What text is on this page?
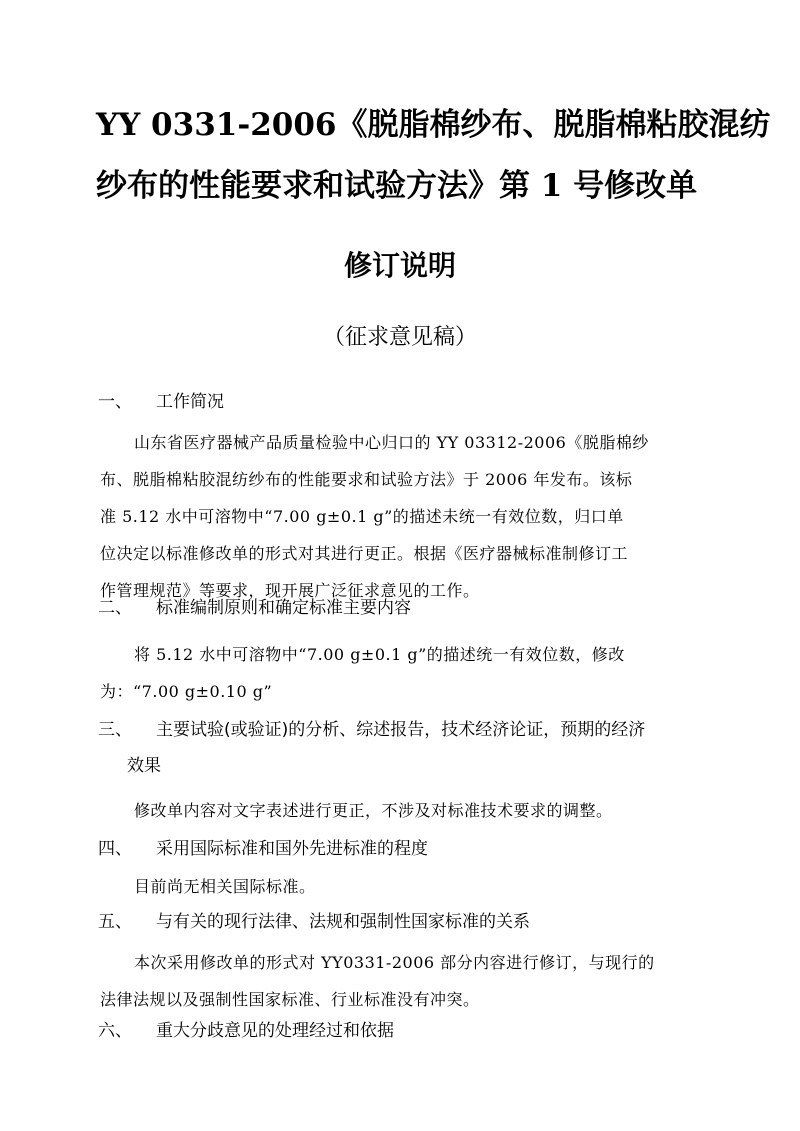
YY 0331-2006《脱脂棉纱布、脱脂棉粘胶混纺
纱布的性能要求和试验方法》第 1 号修改单
修订说明
（征求意见稿）
一、 工作简况
山东省医疗器械产品质量检验中心归口的 YY 03312-2006《脱脂棉纱
布、脱脂棉粘胶混纺纱布的性能要求和试验方法》于 2006 年发布。该标
准 5.12 水中可溶物中“7.00 g±0.1 g”的描述未统一有效位数，归口单
位决定以标准修改单的形式对其进行更正。根据《医疗器械标准制修订工
作管理规范》等要求，现开展广泛征求意见的工作。
二、 标准编制原则和确定标准主要内容
将 5.12 水中可溶物中“7.00 g±0.1 g”的描述统一有效位数，修改
为：“7.00 g±0.10 g”
三、 主要试验(或验证)的分析、综述报告，技术经济论证，预期的经济
效果
修改单内容对文字表述进行更正，不涉及对标准技术要求的调整。
四、 采用国际标准和国外先进标准的程度
目前尚无相关国际标准。
五、 与有关的现行法律、法规和强制性国家标准的关系
本次采用修改单的形式对 YY0331-2006 部分内容进行修订，与现行的
法律法规以及强制性国家标准、行业标准没有冲突。
六、 重大分歧意见的处理经过和依据
